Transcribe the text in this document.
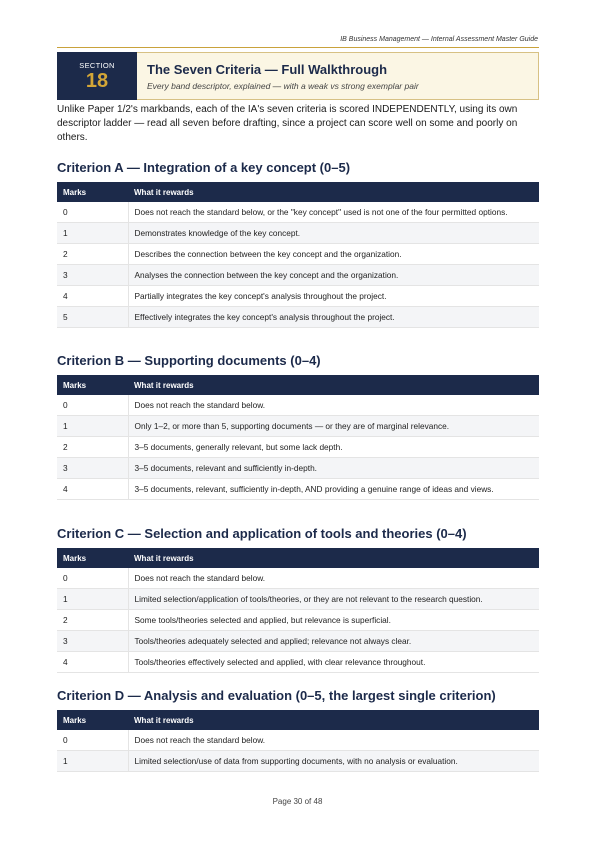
IB Business Management — Internal Assessment Master Guide
SECTION
18
The Seven Criteria — Full Walkthrough
Every band descriptor, explained — with a weak vs strong exemplar pair

Unlike Paper 1/2's markbands, each of the IA's seven criteria is scored INDEPENDENTLY, using its own descriptor ladder — read all seven before drafting, since a project can score well on some and poorly on others.

Criterion A — Integration of a key concept (0–5)
Marks	What it rewards
0	Does not reach the standard below, or the "key concept" used is not one of the four permitted options.
1	Demonstrates knowledge of the key concept.
2	Describes the connection between the key concept and the organization.
3	Analyses the connection between the key concept and the organization.
4	Partially integrates the key concept's analysis throughout the project.
5	Effectively integrates the key concept's analysis throughout the project.
Criterion B — Supporting documents (0–4)
Marks	What it rewards
0	Does not reach the standard below.
1	Only 1–2, or more than 5, supporting documents — or they are of marginal relevance.
2	3–5 documents, generally relevant, but some lack depth.
3	3–5 documents, relevant and sufficiently in-depth.
4	3–5 documents, relevant, sufficiently in-depth, AND providing a genuine range of ideas and views.
Criterion C — Selection and application of tools and theories (0–4)
Marks	What it rewards
0	Does not reach the standard below.
1	Limited selection/application of tools/theories, or they are not relevant to the research question.
2	Some tools/theories selected and applied, but relevance is superficial.
3	Tools/theories adequately selected and applied; relevance not always clear.
4	Tools/theories effectively selected and applied, with clear relevance throughout.
Criterion D — Analysis and evaluation (0–5, the largest single criterion)
Marks	What it rewards
0	Does not reach the standard below.
1	Limited selection/use of data from supporting documents, with no analysis or evaluation.
Page 30 of 48
